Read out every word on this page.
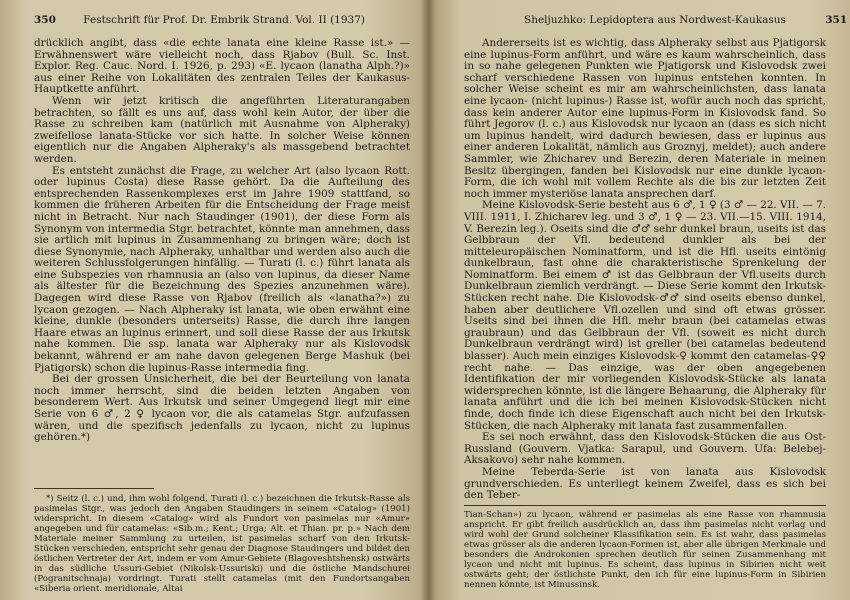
350	Festschrift für Prof. Dr. Embrik Strand. Vol. II (1937)

drücklich angibt, dass «die echte lanata eine kleine Rasse ist.» — Erwähnenswert wäre vielleicht noch, dass Rjabov (Bull. Sc. Inst. Explor. Reg. Cauc. Nord. I. 1926, p. 293) «E. lycaon (lanatha Alph.?)» aus einer Reihe von Lokalitäten des zentralen Teiles der Kaukasus-Hauptkette anführt.

Wenn wir jetzt kritisch die angeführten Literaturangaben betrachten, so fällt es uns auf, dass wohl kein Autor, der über die Rasse zu schreiben kam (natürlich mit Ausnahme von Alpheraky) zweifellose lanata-Stücke vor sich hatte. In solcher Weise können eigentlich nur die Angaben Alpheraky's als massgebend betrachtet werden.

Es entsteht zunächst die Frage, zu welcher Art (also lycaon Rott. oder lupinus Costa) diese Rasse gehört. Da die Aufteilung des entsprechenden Rassenkomplexes erst im Jahre 1909 stattfand, so kommen die früheren Arbeiten für die Entscheidung der Frage meist nicht in Betracht. Nur nach Staudinger (1901), der diese Form als Synonym von intermedia Stgr. betrachtet, könnte man annehmen, dass sie artlich mit lupinus in Zusammenhang zu bringen wäre; doch ist diese Synonymie, nach Alpheraky, unhaltbar und werden also auch die weiteren Schlussfolgerungen hinfällig. — Turati (l. c.) führt lanata als eine Subspezies von rhamnusia an (also von lupinus, da dieser Name als ältester für die Bezeichnung des Spezies anzunehmen wäre). Dagegen wird diese Rasse von Rjabov (freilich als «lanatha?») zu lycaon gezogen. — Nach Alpheraky ist lanata, wie oben erwähnt eine kleine, dunkle (besonders unterseits) Rasse, die durch ihre langen Haare etwas an lupinus erinnert, und soll diese Rasse der aus Irkutsk nahe kommen. Die ssp. lanata war Alpheraky nur als Kislovodsk bekannt, während er am nahe davon gelegenen Berge Mashuk (bei Pjatigorsk) schon die lupinus-Rasse intermedia fing.

Bei der grossen Unsicherheit, die bei der Beurteilung von lanata noch immer herrscht, sind die beiden letzten Angaben von besonderem Wert. Aus Irkutsk und seiner Umgegend liegt mir eine Serie von 6 ♂, 2 ♀ lycaon vor, die als catamelas Stgr. aufzufassen wären, und die spezifisch jedenfalls zu lycaon, nicht zu lupinus gehören.*)

*) Seitz (l. c.) und, ihm wohl folgend, Turati (l. c.) bezeichnen die Irkutsk-Rasse als pasimelas Stgr., was jedoch den Angaben Staudingers in seinem «Catalog» (1901) widerspricht. In diesem «Catalog» wird als Fundort von pasimelas nur «Amur» angegeben und für catamelas: «Sib.m.; Kent.; Urga; Alt. et Thian. pr. p.» Nach dem Materiale meiner Sammlung zu urteilen, ist pasimelas scharf von den Irkutsk-Stücken verschieden, entspricht sehr genau der Diagnose Staudingers und bildet den östlichen Vertreter der Art, indem er vom Amur-Gebiete (Blagoveshtshensk) ostwärts in das südliche Ussuri-Gebiet (Nikolsk-Ussuriski) und die östliche Mandschurei (Pogranitschnaja) vordringt. Turati stellt catamelas (mit den Fundortsangaben «Siberia orient. meridionale, Altai

Sheljuzhko: Lepidoptera aus Nordwest-Kaukasus	351

Andererseits ist es wichtig, dass Alpheraky selbst aus Pjatigorsk eine lupinus-Form anführt, und wäre es kaum wahrscheinlich, dass in so nahe gelegenen Punkten wie Pjatigorsk und Kislovodsk zwei scharf verschiedene Rassen von lupinus entstehen konnten. In solcher Weise scheint es mir am wahrscheinlichsten, dass lanata eine lycaon- (nicht lupinus-) Rasse ist, wofür auch noch das spricht, dass kein anderer Autor eine lupinus-Form in Kislovodsk fand. So führt Jegorov (l. c.) aus Kislovodsk nur lycaon an (dass es sich nicht um lupinus handelt, wird dadurch bewiesen, dass er lupinus aus einer anderen Lokalität, nämlich aus Groznyj, meldet); auch andere Sammler, wie Zhicharev und Berezin, deren Materiale in meinen Besitz übergingen, fanden bei Kislovodsk nur eine dunkle lycaon-Form, die ich wohl mit vollem Rechte als die bis zur letzten Zeit noch immer mysteriöse lanata ansprechen darf.

Meine Kislovodsk-Serie besteht aus 6 ♂, 1 ♀ (3 ♂ — 22. VII. — 7. VIII. 1911, I. Zhicharev leg. und 3 ♂, 1 ♀ — 23. VII.—15. VIII. 1914, V. Berezin leg.). Oseits sind die ♂♂ sehr dunkel braun, useits ist das Gelbbraun der Vfl. bedeutend dunkler als bei der mitteleuropäischen Nominatform, und ist die Hfl. useits eintönig dunkelbraun, fast ohne die charakteristische Sprenkelung der Nominatform. Bei einem ♂ ist das Gelbbraun der Vfl.useits durch Dunkelbraun ziemlich verdrängt. — Diese Serie kommt den Irkutsk-Stücken recht nahe. Die Kislovodsk-♂♂ sind oseits ebenso dunkel, haben aber deutlichere Vfl.ozellen und sind oft etwas grösser. Useits sind bei ihnen die Hfl. mehr braun (bei catamelas etwas graubraun) und das Gelbbraun der Vfl. (soweit es nicht durch Dunkelbraun verdrängt wird) ist greller (bei catamelas bedeutend blasser). Auch mein einziges Kislovodsk-♀ kommt den catamelas-♀♀ recht nahe. — Das einzige, was der oben angegebenen Identifikation der mir vorliegenden Kislovodsk-Stücke als lanata widersprechen könnte, ist die längere Behaarung, die Alpheraky für lanata anführt und die ich bei meinen Kislovodsk-Stücken nicht finde, doch finde ich diese Eigenschaft auch nicht bei den Irkutsk-Stücken, die nach Alpheraky mit lanata fast zusammenfallen.

Es sei noch erwähnt, dass den Kislovodsk-Stücken die aus Ost-Russland (Gouvern. Vjatka: Sarapul, und Gouvern. Ufa: Belebej-Aksakovo) sehr nahe kommen.

Meine Teberda-Serie ist von lanata aus Kislovodsk grundverschieden. Es unterliegt keinem Zweifel, dass es sich bei den Teber-

Tian-Schan») zu lycaon, während er pasimelas als eine Rasse von rhamnusia anspricht. Er gibt freilich ausdrücklich an, dass ihm pasimelas nicht vorlag und wird wohl der Grund solcheiner Klassifikation sein. Es ist wahr, dass pasimelas etwas grösser als die anderen lycaon-Formen ist, aber alle übrigen Merkmale und besonders die Androkonien sprechen deutlich für seinen Zusammenhang mit lycaon und nicht mit lupinus. Es scheint, dass lupinus in Sibirien nicht weit ostwärts geht; der östlichste Punkt, den ich für eine lupinus-Form in Sibirien nennen könnte, ist Minussinsk.
